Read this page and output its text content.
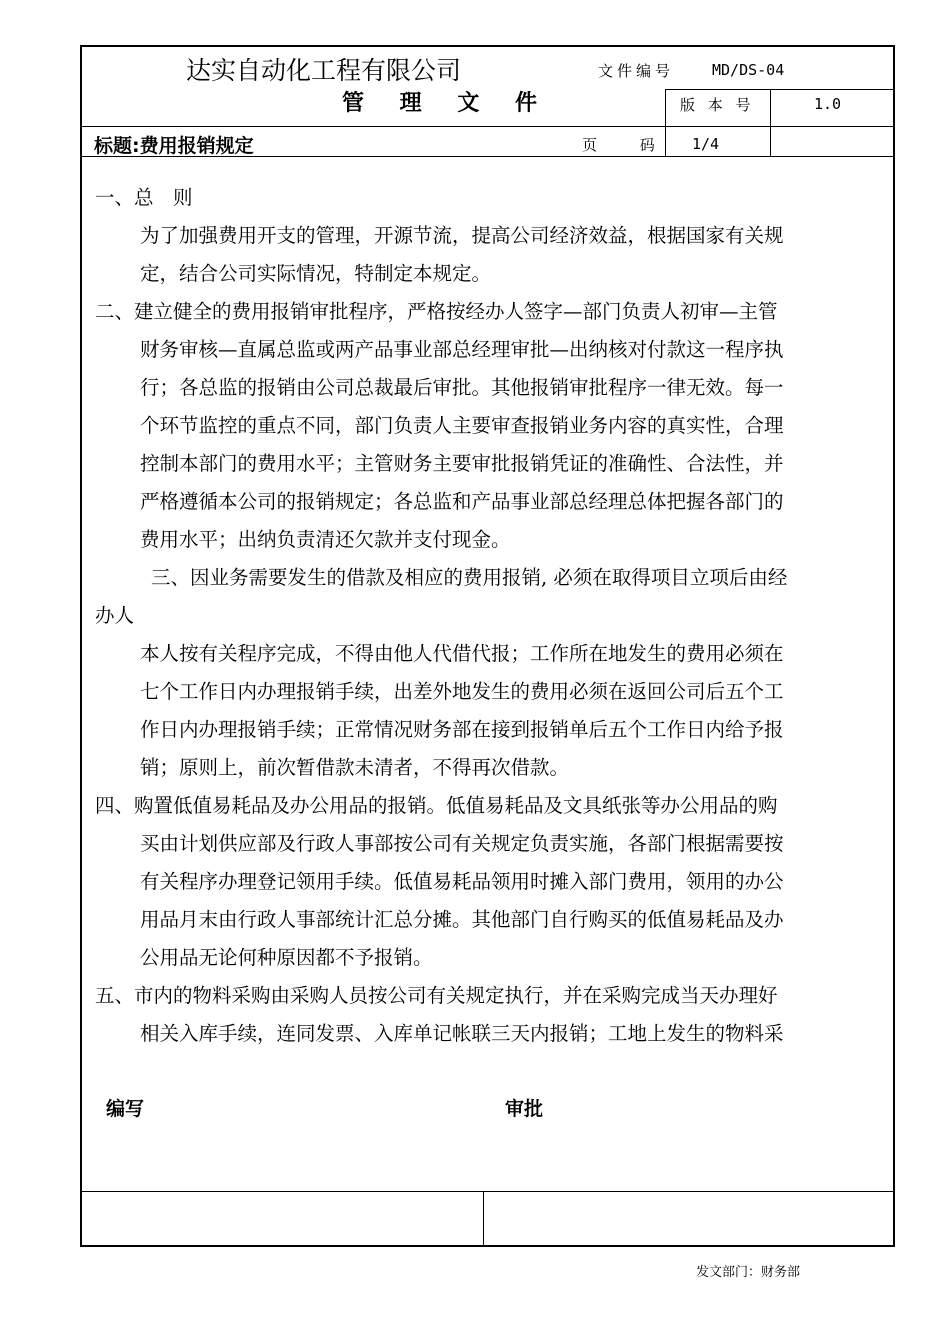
达实自动化工程有限公司
管 理 文 件
文件编号	MD/DS-04
版 本 号	1.0
标题:费用报销规定	页 码 1/4
一、总　则
为了加强费用开支的管理，开源节流，提高公司经济效益，根据国家有关规
定，结合公司实际情况，特制定本规定。
二、建立健全的费用报销审批程序，严格按经办人签字—部门负责人初审—主管
财务审核—直属总监或两产品事业部总经理审批—出纳核对付款这一程序执
行；各总监的报销由公司总裁最后审批。其他报销审批程序一律无效。每一
个环节监控的重点不同，部门负责人主要审查报销业务内容的真实性，合理
控制本部门的费用水平；主管财务主要审批报销凭证的准确性、合法性，并
严格遵循本公司的报销规定；各总监和产品事业部总经理总体把握各部门的
费用水平；出纳负责清还欠款并支付现金。
三、因业务需要发生的借款及相应的费用报销, 必须在取得项目立项后由经
办人
本人按有关程序完成，不得由他人代借代报；工作所在地发生的费用必须在
七个工作日内办理报销手续，出差外地发生的费用必须在返回公司后五个工
作日内办理报销手续；正常情况财务部在接到报销单后五个工作日内给予报
销；原则上，前次暂借款未清者，不得再次借款。
四、购置低值易耗品及办公用品的报销。低值易耗品及文具纸张等办公用品的购
买由计划供应部及行政人事部按公司有关规定负责实施，各部门根据需要按
有关程序办理登记领用手续。低值易耗品领用时摊入部门费用，领用的办公
用品月末由行政人事部统计汇总分摊。其他部门自行购买的低值易耗品及办
公用品无论何种原因都不予报销。
五、市内的物料采购由采购人员按公司有关规定执行，并在采购完成当天办理好
相关入库手续，连同发票、入库单记帐联三天内报销；工地上发生的物料采
编写	审批
发文部门：财务部
